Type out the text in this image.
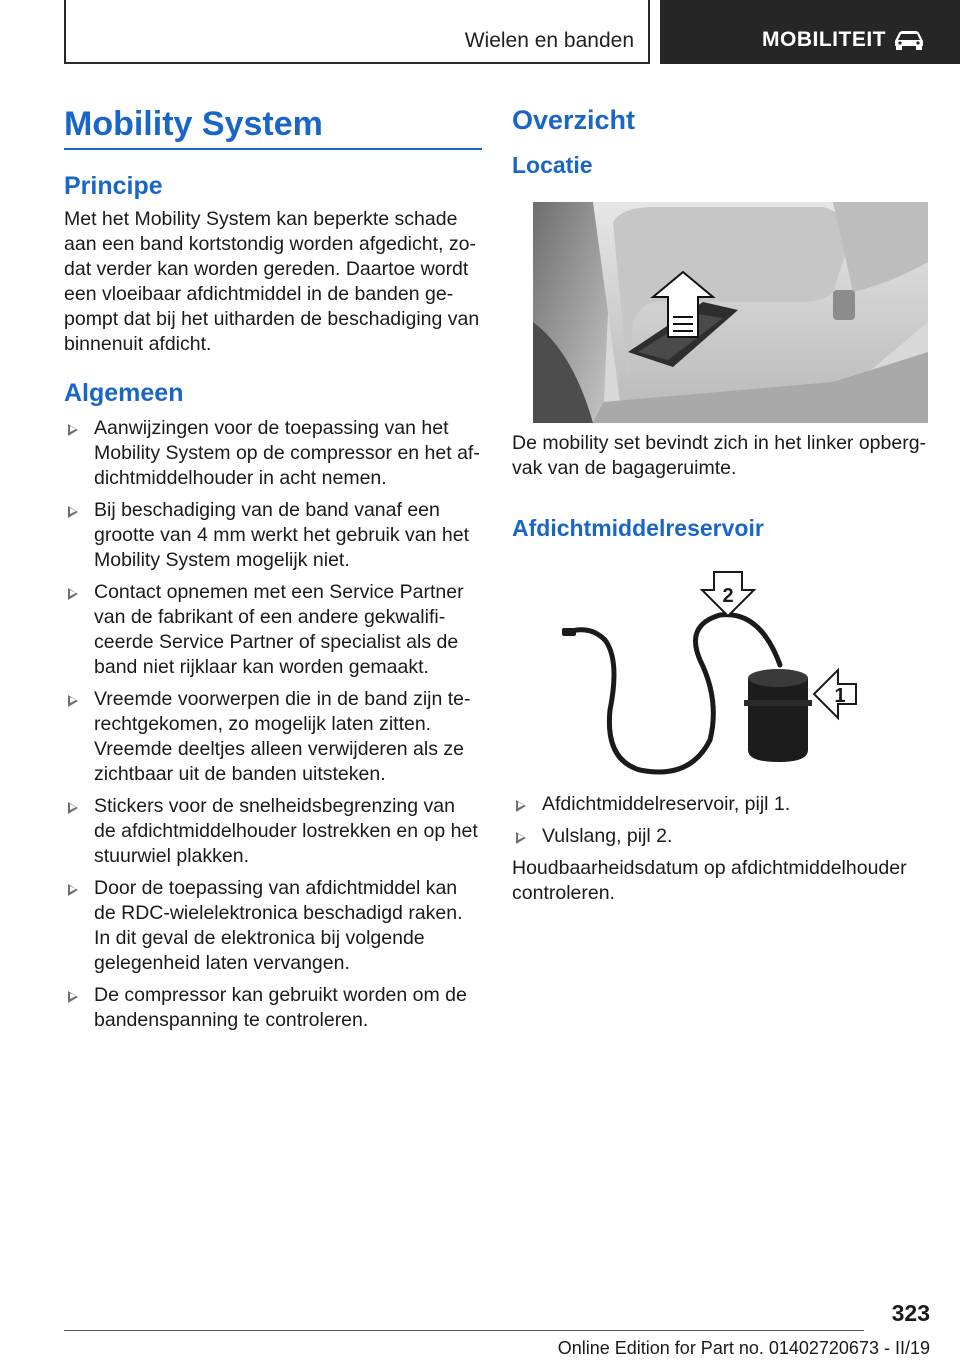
Wielen en banden	MOBILITEIT
Mobility System
Principe

Met het Mobility System kan beperkte schade aan een band kortstondig worden afgedicht, zodat verder kan worden gereden. Daartoe wordt een vloeibaar afdichtmiddel in de banden gepompt dat bij het uitharden de beschadiging van binnenuit afdicht.

Algemeen
Aanwijzingen voor de toepassing van het Mobility System op de compressor en het afdichtmiddelhouder in acht nemen.
Bij beschadiging van de band vanaf een grootte van 4 mm werkt het gebruik van het Mobility System mogelijk niet.
Contact opnemen met een Service Partner van de fabrikant of een andere gekwalificeerde Service Partner of specialist als de band niet rijklaar kan worden gemaakt.
Vreemde voorwerpen die in de band zijn terechtgekomen, zo mogelijk laten zitten. Vreemde deeltjes alleen verwijderen als ze zichtbaar uit de banden uitsteken.
Stickers voor de snelheidsbegrenzing van de afdichtmiddelhouder lostrekken en op het stuurwiel plakken.
Door de toepassing van afdichtmiddel kan de RDC-wielelektronica beschadigd raken. In dit geval de elektronica bij volgende gelegenheid laten vervangen.
De compressor kan gebruikt worden om de bandenspanning te controleren.
Overzicht
Locatie

De mobility set bevindt zich in het linker opbergvak van de bagageruimte.

Afdichtmiddelreservoir
Afdichtmiddelreservoir, pijl 1.
Vulslang, pijl 2.

Houdbaarheidsdatum op afdichtmiddelhouder controleren.

2
1
323
Online Edition for Part no. 01402720673 - II/19
